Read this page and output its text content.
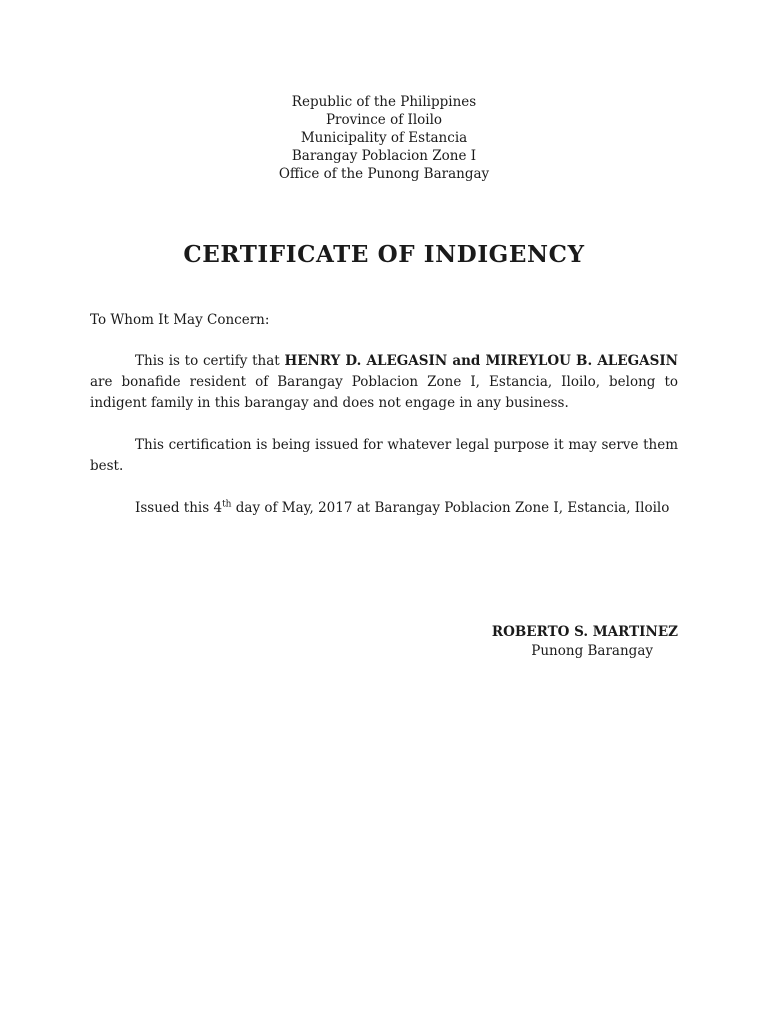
Republic of the Philippines
Province of Iloilo
Municipality of Estancia
Barangay Poblacion Zone I
Office of the Punong Barangay
CERTIFICATE OF INDIGENCY
To Whom It May Concern:
This is to certify that HENRY D. ALEGASIN and MIREYLOU B. ALEGASIN are bonafide resident of Barangay Poblacion Zone I, Estancia, Iloilo, belong to indigent family in this barangay and does not engage in any business.
This certification is being issued for whatever legal purpose it may serve them best.
Issued this 4th day of May, 2017 at Barangay Poblacion Zone I, Estancia, Iloilo
ROBERTO S. MARTINEZ
Punong Barangay
